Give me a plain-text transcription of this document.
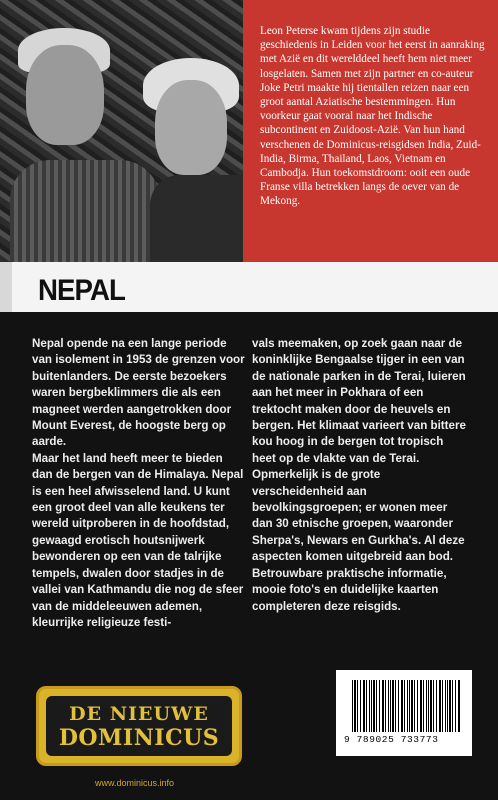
Leon Peterse kwam tijdens zijn studie geschiedenis in Leiden voor het eerst in aanraking met Azië en dit werelddeel heeft hem niet meer losgelaten. Samen met zijn partner en co-auteur Joke Petri maakte hij tientallen reizen naar een groot aantal Aziatische bestemmingen. Hun voorkeur gaat vooral naar het Indische subcontinent en Zuidoost-Azië. Van hun hand verschenen de Dominicus-reisgidsen India, Zuid-India, Birma, Thailand, Laos, Vietnam en Cambodja. Hun toekomstdroom: ooit een oude Franse villa betrekken langs de oever van de Mekong.

NEPAL

Nepal opende na een lange periode van isolement in 1953 de grenzen voor buitenlanders. De eerste bezoekers waren bergbeklimmers die als een magneet werden aangetrokken door Mount Everest, de hoogste berg op aarde.

Maar het land heeft meer te bieden dan de bergen van de Himalaya. Nepal is een heel afwisselend land. U kunt een groot deel van alle keukens ter wereld uitproberen in de hoofdstad, gewaagd erotisch houtsnijwerk bewonderen op een van de talrijke tempels, dwalen door stadjes in de vallei van Kathmandu die nog de sfeer van de middeleeuwen ademen, kleurrijke religieuze festi-

vals meemaken, op zoek gaan naar de koninklijke Bengaalse tijger in een van de nationale parken in de Terai, luieren aan het meer in Pokhara of een trektocht maken door de heuvels en bergen. Het klimaat varieert van bittere kou hoog in de bergen tot tropisch heet op de vlakte van de Terai. Opmerkelijk is de grote verscheidenheid aan bevolkingsgroepen; er wonen meer dan 30 etnische groepen, waaronder Sherpa's, Newars en Gurkha's. Al deze aspecten komen uitgebreid aan bod. Betrouwbare praktische informatie, mooie foto's en duidelijke kaarten completeren deze reisgids.

DE NIEUWE
DOMINICUS
www.dominicus.info
9 789025 733773
